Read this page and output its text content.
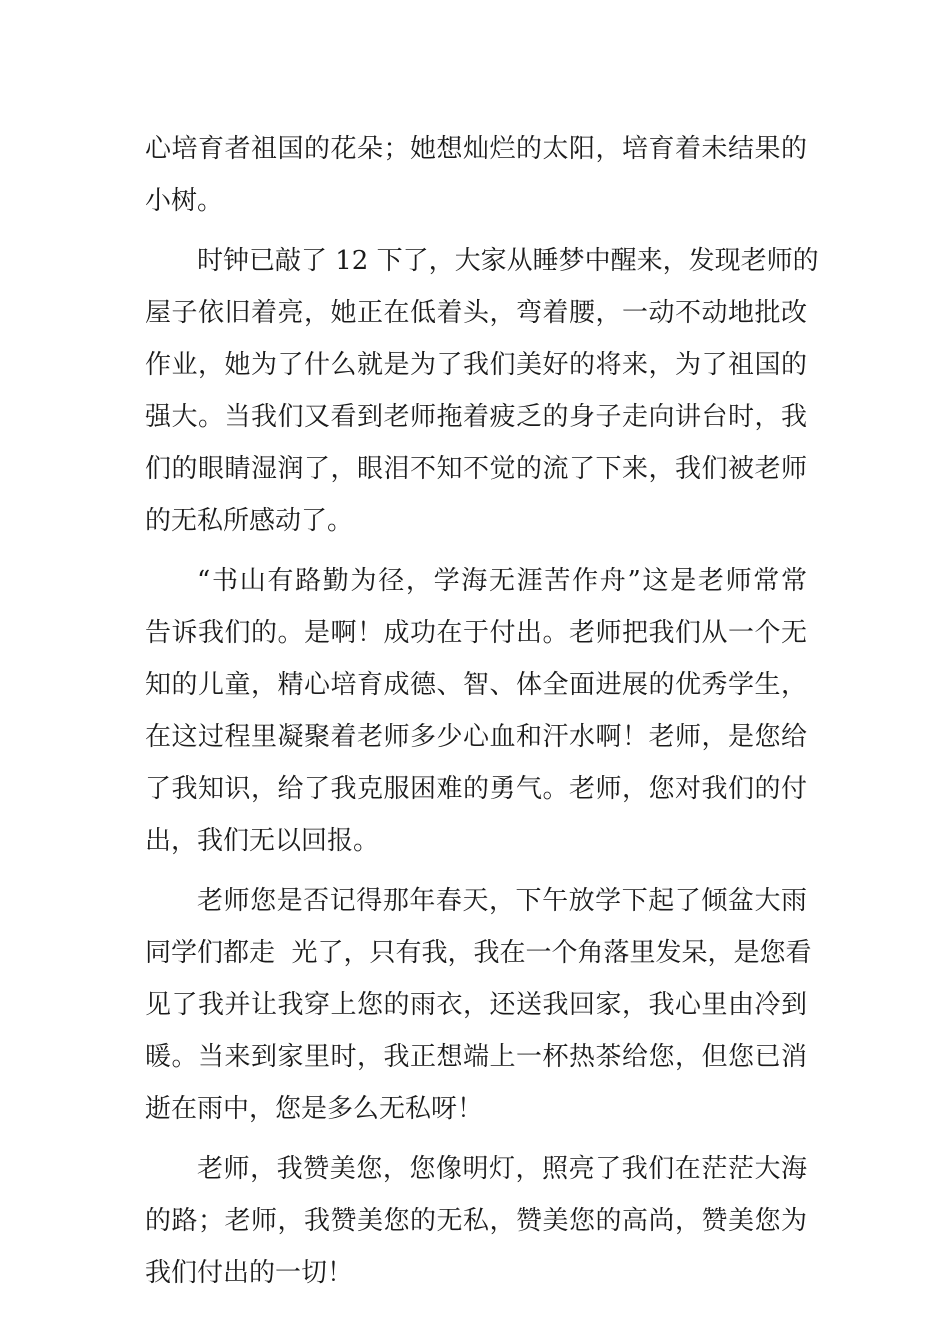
心培育者祖国的花朵；她想灿烂的太阳，培育着未结果的
小树。
时钟已敲了 12 下了，大家从睡梦中醒来，发现老师的
屋子依旧着亮，她正在低着头，弯着腰，一动不动地批改
作业，她为了什么就是为了我们美好的将来，为了祖国的
强大。当我们又看到老师拖着疲乏的身子走向讲台时，我
们的眼睛湿润了，眼泪不知不觉的流了下来，我们被老师
的无私所感动了。
“书山有路勤为径，学海无涯苦作舟”这是老师常常
告诉我们的。是啊！成功在于付出。老师把我们从一个无
知的儿童，精心培育成德、智、体全面进展的优秀学生，
在这过程里凝聚着老师多少心血和汗水啊！老师，是您给
了我知识，给了我克服困难的勇气。老师，您对我们的付
出，我们无以回报。
老师您是否记得那年春天，下午放学下起了倾盆大雨
同学们都走  光了，只有我，我在一个角落里发呆，是您看
见了我并让我穿上您的雨衣，还送我回家，我心里由冷到
暖。当来到家里时，我正想端上一杯热茶给您，但您已消
逝在雨中，您是多么无私呀！
老师，我赞美您，您像明灯，照亮了我们在茫茫大海
的路；老师，我赞美您的无私，赞美您的高尚，赞美您为
我们付出的一切！
